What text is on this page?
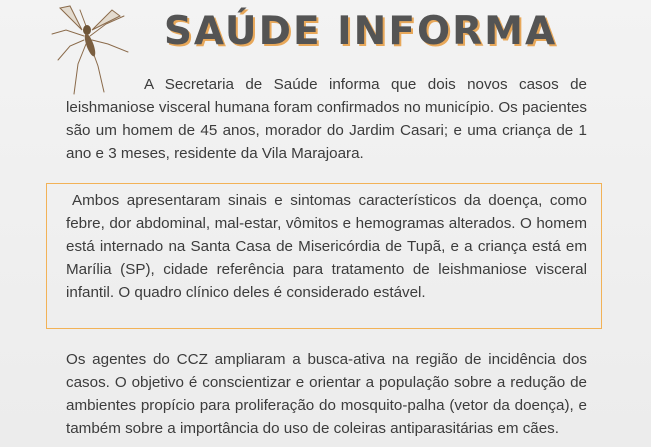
SAÚDE INFORMA
A Secretaria de Saúde informa que dois novos casos de leishmaniose visceral humana foram confirmados no município. Os pacientes são um homem de 45 anos, morador do Jardim Casari; e uma criança de 1 ano e 3 meses, residente da Vila Marajoara.
Ambos apresentaram sinais e sintomas característicos da doença, como febre, dor abdominal, mal-estar, vômitos e hemogramas alterados. O homem está internado na Santa Casa de Misericórdia de Tupã, e a criança está em Marília (SP), cidade referência para tratamento de leishmaniose visceral infantil. O quadro clínico deles é considerado estável.
Os agentes do CCZ ampliaram a busca-ativa na região de incidência dos casos. O objetivo é conscientizar e orientar a população sobre a redução de ambientes propício para proliferação do mosquito-palha (vetor da doença), e também sobre a importância do uso de coleiras antiparasitárias em cães.
